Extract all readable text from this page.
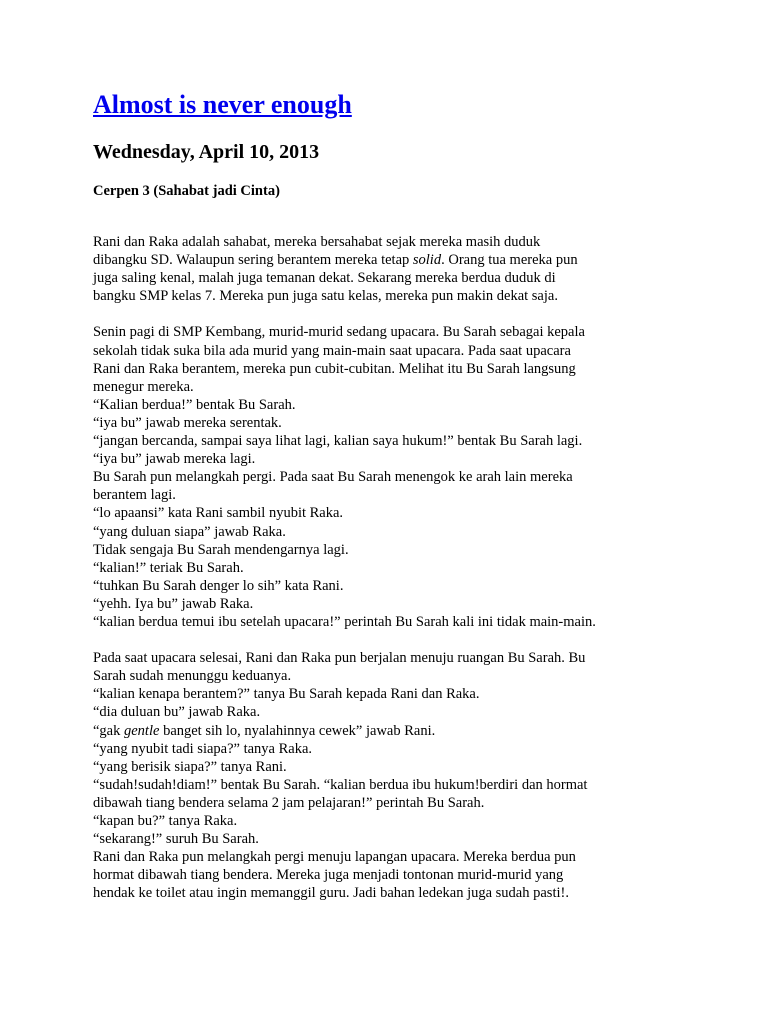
Almost is never enough
Wednesday, April 10, 2013
Cerpen 3 (Sahabat jadi Cinta)
Rani dan Raka adalah sahabat, mereka bersahabat sejak mereka masih duduk
dibangku SD. Walaupun sering berantem mereka tetap solid. Orang tua mereka pun
juga saling kenal, malah juga temanan dekat. Sekarang mereka berdua duduk di
bangku SMP kelas 7. Mereka pun juga satu kelas, mereka pun makin dekat saja.
Senin pagi di SMP Kembang, murid-murid sedang upacara. Bu Sarah sebagai kepala
sekolah tidak suka bila ada murid yang main-main saat upacara. Pada saat upacara
Rani dan Raka berantem, mereka pun cubit-cubitan. Melihat itu Bu Sarah langsung
menegur mereka.
“Kalian berdua!” bentak Bu Sarah.
“iya bu” jawab mereka serentak.
“jangan bercanda, sampai saya lihat lagi, kalian saya hukum!” bentak Bu Sarah lagi.
“iya bu” jawab mereka lagi.
Bu Sarah pun melangkah pergi. Pada saat Bu Sarah menengok ke arah lain mereka
berantem lagi.
“lo apaansi” kata Rani sambil nyubit Raka.
“yang duluan siapa” jawab Raka.
Tidak sengaja Bu Sarah mendengarnya lagi.
“kalian!” teriak Bu Sarah.
“tuhkan Bu Sarah denger lo sih” kata Rani.
“yehh. Iya bu” jawab Raka.
“kalian berdua temui ibu setelah upacara!” perintah Bu Sarah kali ini tidak main-main.
Pada saat upacara selesai, Rani dan Raka pun berjalan menuju ruangan Bu Sarah. Bu
Sarah sudah menunggu keduanya.
“kalian kenapa berantem?” tanya Bu Sarah kepada Rani dan Raka.
“dia duluan bu” jawab Raka.
“gak gentle banget sih lo, nyalahinnya cewek” jawab Rani.
“yang nyubit tadi siapa?” tanya Raka.
“yang berisik siapa?” tanya Rani.
“sudah!sudah!diam!” bentak Bu Sarah. “kalian berdua ibu hukum!berdiri dan hormat
dibawah tiang bendera selama 2 jam pelajaran!” perintah Bu Sarah.
“kapan bu?” tanya Raka.
“sekarang!” suruh Bu Sarah.
Rani dan Raka pun melangkah pergi menuju lapangan upacara. Mereka berdua pun
hormat dibawah tiang bendera. Mereka juga menjadi tontonan murid-murid yang
hendak ke toilet atau ingin memanggil guru. Jadi bahan ledekan juga sudah pasti!.
